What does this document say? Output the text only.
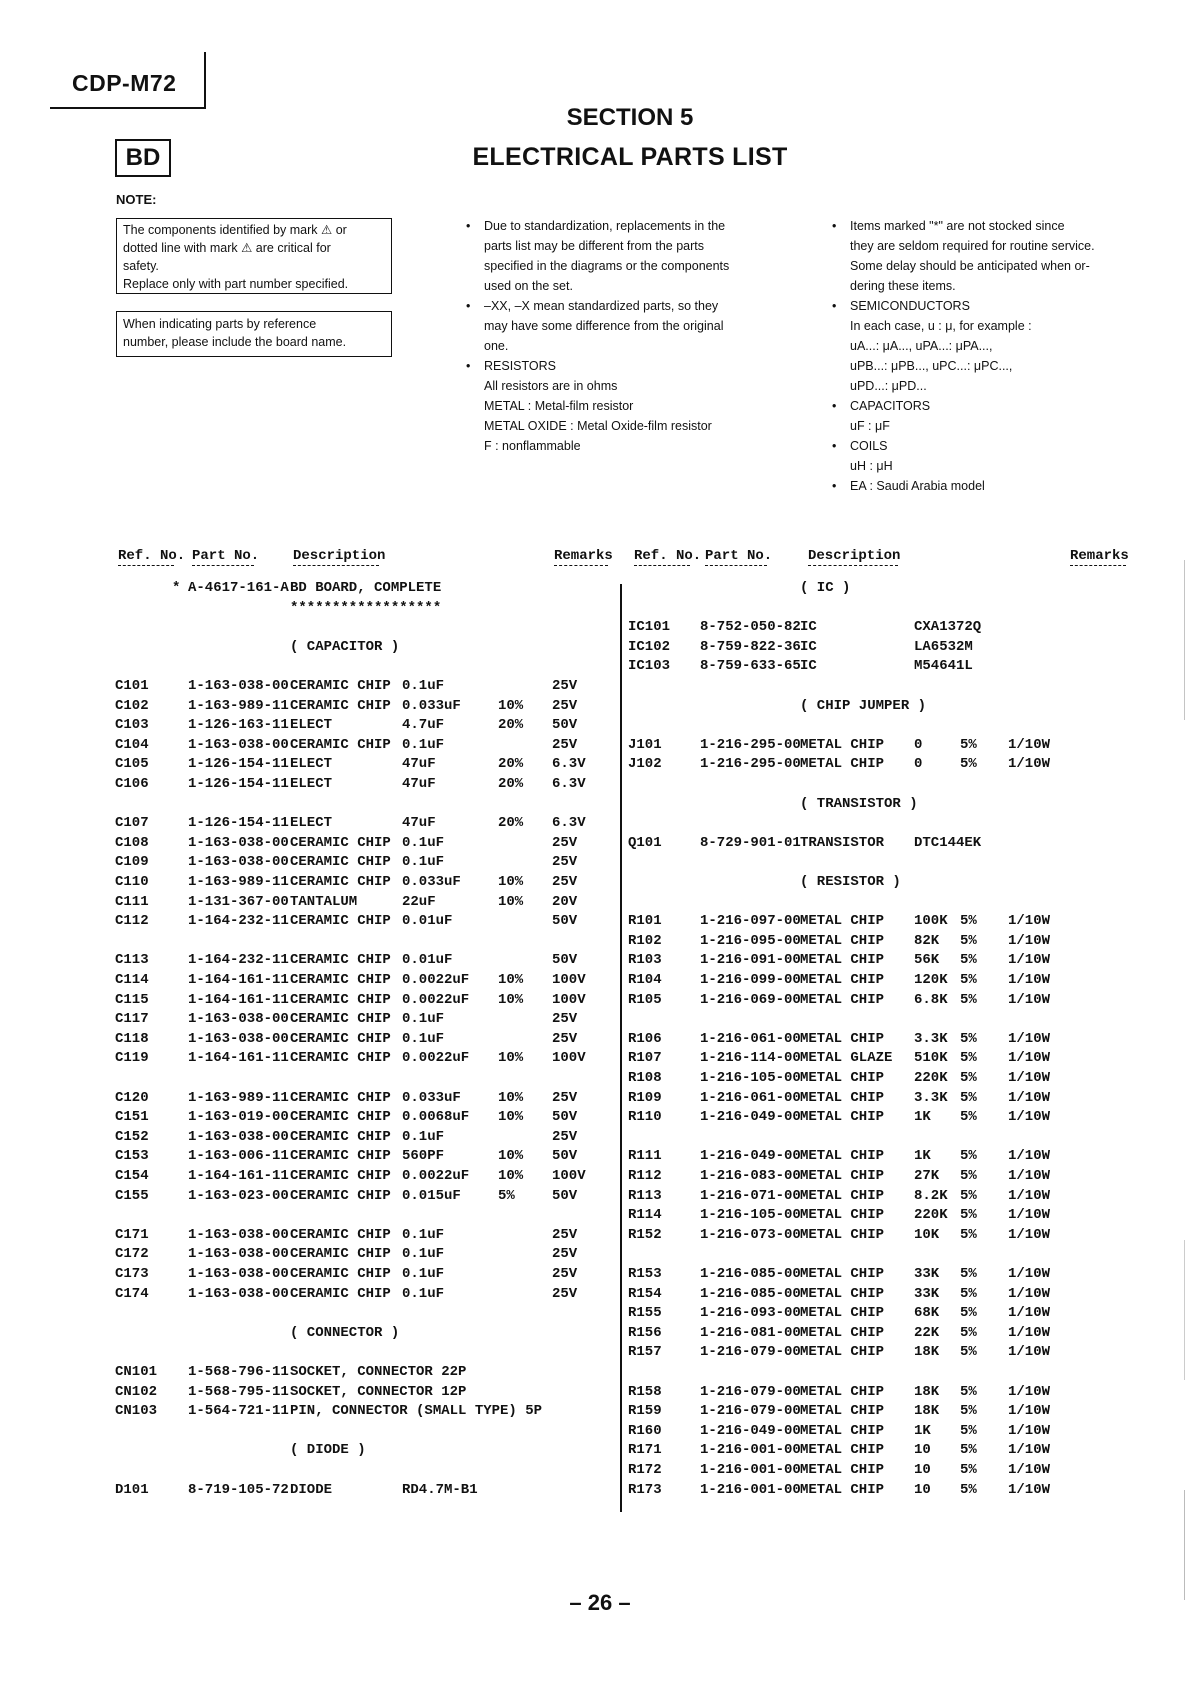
CDP-M72
BD
SECTION 5
ELECTRICAL PARTS LIST
NOTE:
The components identified by mark ⚠ or
dotted line with mark ⚠ are critical for
safety.
Replace only with part number specified.
When indicating parts by reference
number, please include the board name.
• Due to standardization, replacements in the
parts list may be different from the parts
specified in the diagrams or the components
used on the set.
• –XX, –X mean standardized parts, so they
may have some difference from the original
one.
• RESISTORS
All resistors are in ohms
METAL : Metal-film resistor
METAL OXIDE : Metal Oxide-film resistor
F : nonflammable
• Items marked "*" are not stocked since
they are seldom required for routine service.
Some delay should be anticipated when or-
dering these items.
• SEMICONDUCTORS
In each case, u : μ, for example :
uA...: μA..., uPA...: μPA...,
uPB...: μPB..., uPC...: μPC...,
uPD...: μPD...
• CAPACITORS
uF : μF
• COILS
uH : μH
• EA : Saudi Arabia model
Ref. No. Part No. Description	Remarks Ref. No. Part No.	Description	Remarks
* A-4617-161-A BD BOARD, COMPLETE
******************
( CAPACITOR )
C101	1-163-038-00 CERAMIC CHIP 0.1uF	25V
C102	1-163-989-11 CERAMIC CHIP 0.033uF	10% 25V
C103	1-126-163-11 ELECT	4.7uF	20% 50V
C104	1-163-038-00 CERAMIC CHIP 0.1uF	25V
C105	1-126-154-11 ELECT	47uF	20% 6.3V
C106	1-126-154-11 ELECT	47uF	20% 6.3V
C107	1-126-154-11 ELECT	47uF	20% 6.3V
C108	1-163-038-00 CERAMIC CHIP 0.1uF	25V
C109	1-163-038-00 CERAMIC CHIP 0.1uF	25V
C110	1-163-989-11 CERAMIC CHIP 0.033uF	10% 25V
C111	1-131-367-00 TANTALUM	22uF	10% 20V
C112	1-164-232-11 CERAMIC CHIP 0.01uF	50V
C113	1-164-232-11 CERAMIC CHIP 0.01uF	50V
C114	1-164-161-11 CERAMIC CHIP 0.0022uF 10% 100V
C115	1-164-161-11 CERAMIC CHIP 0.0022uF 10% 100V
C117	1-163-038-00 CERAMIC CHIP 0.1uF	25V
C118	1-163-038-00 CERAMIC CHIP 0.1uF	25V
C119	1-164-161-11 CERAMIC CHIP 0.0022uF 10% 100V
C120	1-163-989-11 CERAMIC CHIP 0.033uF	10% 25V
C151	1-163-019-00 CERAMIC CHIP 0.0068uF 10% 50V
C152	1-163-038-00 CERAMIC CHIP 0.1uF	25V
C153	1-163-006-11 CERAMIC CHIP 560PF	10% 50V
C154	1-164-161-11 CERAMIC CHIP 0.0022uF 10% 100V
C155	1-163-023-00 CERAMIC CHIP 0.015uF	5%	50V
C171	1-163-038-00 CERAMIC CHIP 0.1uF	25V
C172	1-163-038-00 CERAMIC CHIP 0.1uF	25V
C173	1-163-038-00 CERAMIC CHIP 0.1uF	25V
C174	1-163-038-00 CERAMIC CHIP 0.1uF	25V
( CONNECTOR )
CN101 1-568-796-11 SOCKET, CONNECTOR 22P
CN102 1-568-795-11 SOCKET, CONNECTOR 12P
CN103 1-564-721-11 PIN, CONNECTOR (SMALL TYPE) 5P
( DIODE )
D101	8-719-105-72 DIODE	RD4.7M-B1
( IC )
IC101 8-752-050-82 IC	CXA1372Q
IC102 8-759-822-36 IC	LA6532M
IC103 8-759-633-65 IC	M54641L
( CHIP JUMPER )
J101	1-216-295-00 METAL CHIP 0	5% 1/10W
J102	1-216-295-00 METAL CHIP 0	5% 1/10W
( TRANSISTOR )
Q101	8-729-901-01 TRANSISTOR DTC144EK
( RESISTOR )
R101	1-216-097-00 METAL CHIP 100K 5% 1/10W
R102	1-216-095-00 METAL CHIP 82K 5% 1/10W
R103	1-216-091-00 METAL CHIP 56K 5% 1/10W
R104	1-216-099-00 METAL CHIP 120K 5% 1/10W
R105	1-216-069-00 METAL CHIP 6.8K 5% 1/10W
R106	1-216-061-00 METAL CHIP 3.3K 5% 1/10W
R107	1-216-114-00 METAL GLAZE 510K 5% 1/10W
R108	1-216-105-00 METAL CHIP 220K 5% 1/10W
R109	1-216-061-00 METAL CHIP 3.3K 5% 1/10W
R110	1-216-049-00 METAL CHIP 1K 5% 1/10W
R111	1-216-049-00 METAL CHIP 1K 5% 1/10W
R112	1-216-083-00 METAL CHIP 27K 5% 1/10W
R113	1-216-071-00 METAL CHIP 8.2K 5% 1/10W
R114	1-216-105-00 METAL CHIP 220K 5% 1/10W
R152	1-216-073-00 METAL CHIP 10K 5% 1/10W
R153	1-216-085-00 METAL CHIP 33K 5% 1/10W
R154	1-216-085-00 METAL CHIP 33K 5% 1/10W
R155	1-216-093-00 METAL CHIP 68K 5% 1/10W
R156	1-216-081-00 METAL CHIP 22K 5% 1/10W
R157	1-216-079-00 METAL CHIP 18K 5% 1/10W
R158	1-216-079-00 METAL CHIP 18K 5% 1/10W
R159	1-216-079-00 METAL CHIP 18K 5% 1/10W
R160	1-216-049-00 METAL CHIP 1K 5% 1/10W
R171	1-216-001-00 METAL CHIP 10 5% 1/10W
R172	1-216-001-00 METAL CHIP 10 5% 1/10W
R173	1-216-001-00 METAL CHIP 10 5% 1/10W
– 26 –
